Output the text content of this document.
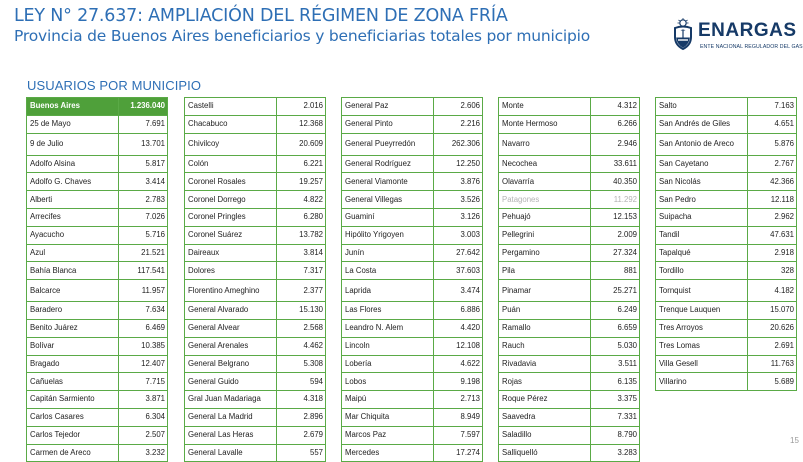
LEY N° 27.637: AMPLIACIÓN DEL RÉGIMEN DE ZONA FRÍA
Provincia de Buenos Aires beneficiarios y beneficiarias totales por municipio	ENARGAS
ENTE NACIONAL REGULADOR DEL GAS
USUARIOS POR MUNICIPIO
Buenos Aires	1.236.040
25 de Mayo	7.691
9 de Julio	13.701
Adolfo Alsina	5.817
Adolfo G. Chaves	3.414
Alberti	2.783
Arrecifes	7.026
Ayacucho	5.716
Azul	21.521
Bahía Blanca	117.541
Balcarce	11.957
Baradero	7.634
Benito Juárez	6.469
Bolívar	10.385
Bragado	12.407
Cañuelas	7.715
Capitán Sarmiento	3.871
Carlos Casares	6.304
Carlos Tejedor	2.507
Carmen de Areco	3.232
Castelli	2.016
Chacabuco	12.368
Chivilcoy	20.609
Colón	6.221
Coronel Rosales	19.257
Coronel Dorrego	4.822
Coronel Pringles	6.280
Coronel Suárez	13.782
Daireaux	3.814
Dolores	7.317
Florentino Ameghino	2.377
General Alvarado	15.130
General Alvear	2.568
General Arenales	4.462
General Belgrano	5.308
General Guido	594
Gral Juan Madariaga	4.318
General La Madrid	2.896
General Las Heras	2.679
General Lavalle	557
General Paz	2.606
General Pinto	2.216
General Pueyrredón	262.306
General Rodríguez	12.250
General Viamonte	3.876
General Villegas	3.526
Guaminí	3.126
Hipólito Yrigoyen	3.003
Junín	27.642
La Costa	37.603
Laprida	3.474
Las Flores	6.886
Leandro N. Alem	4.420
Lincoln	12.108
Lobería	4.622
Lobos	9.198
Maipú	2.713
Mar Chiquita	8.949
Marcos Paz	7.597
Mercedes	17.274
Monte	4.312
Monte Hermoso	6.266
Navarro	2.946
Necochea	33.611
Olavarría	40.350
Patagones	11.292
Pehuajó	12.153
Pellegrini	2.009
Pergamino	27.324
Pila	881
Pinamar	25.271
Puán	6.249
Ramallo	6.659
Rauch	5.030
Rivadavia	3.511
Rojas	6.135
Roque Pérez	3.375
Saavedra	7.331
Saladillo	8.790
Salliquelló	3.283
Salto	7.163
San Andrés de Giles	4.651
San Antonio de Areco	5.876
San Cayetano	2.767
San Nicolás	42.366
San Pedro	12.118
Suipacha	2.962
Tandil	47.631
Tapalqué	2.918
Tordillo	328
Tornquist	4.182
Trenque Lauquen	15.070
Tres Arroyos	20.626
Tres Lomas	2.691
Villa Gesell	11.763
Villarino	5.689
15
